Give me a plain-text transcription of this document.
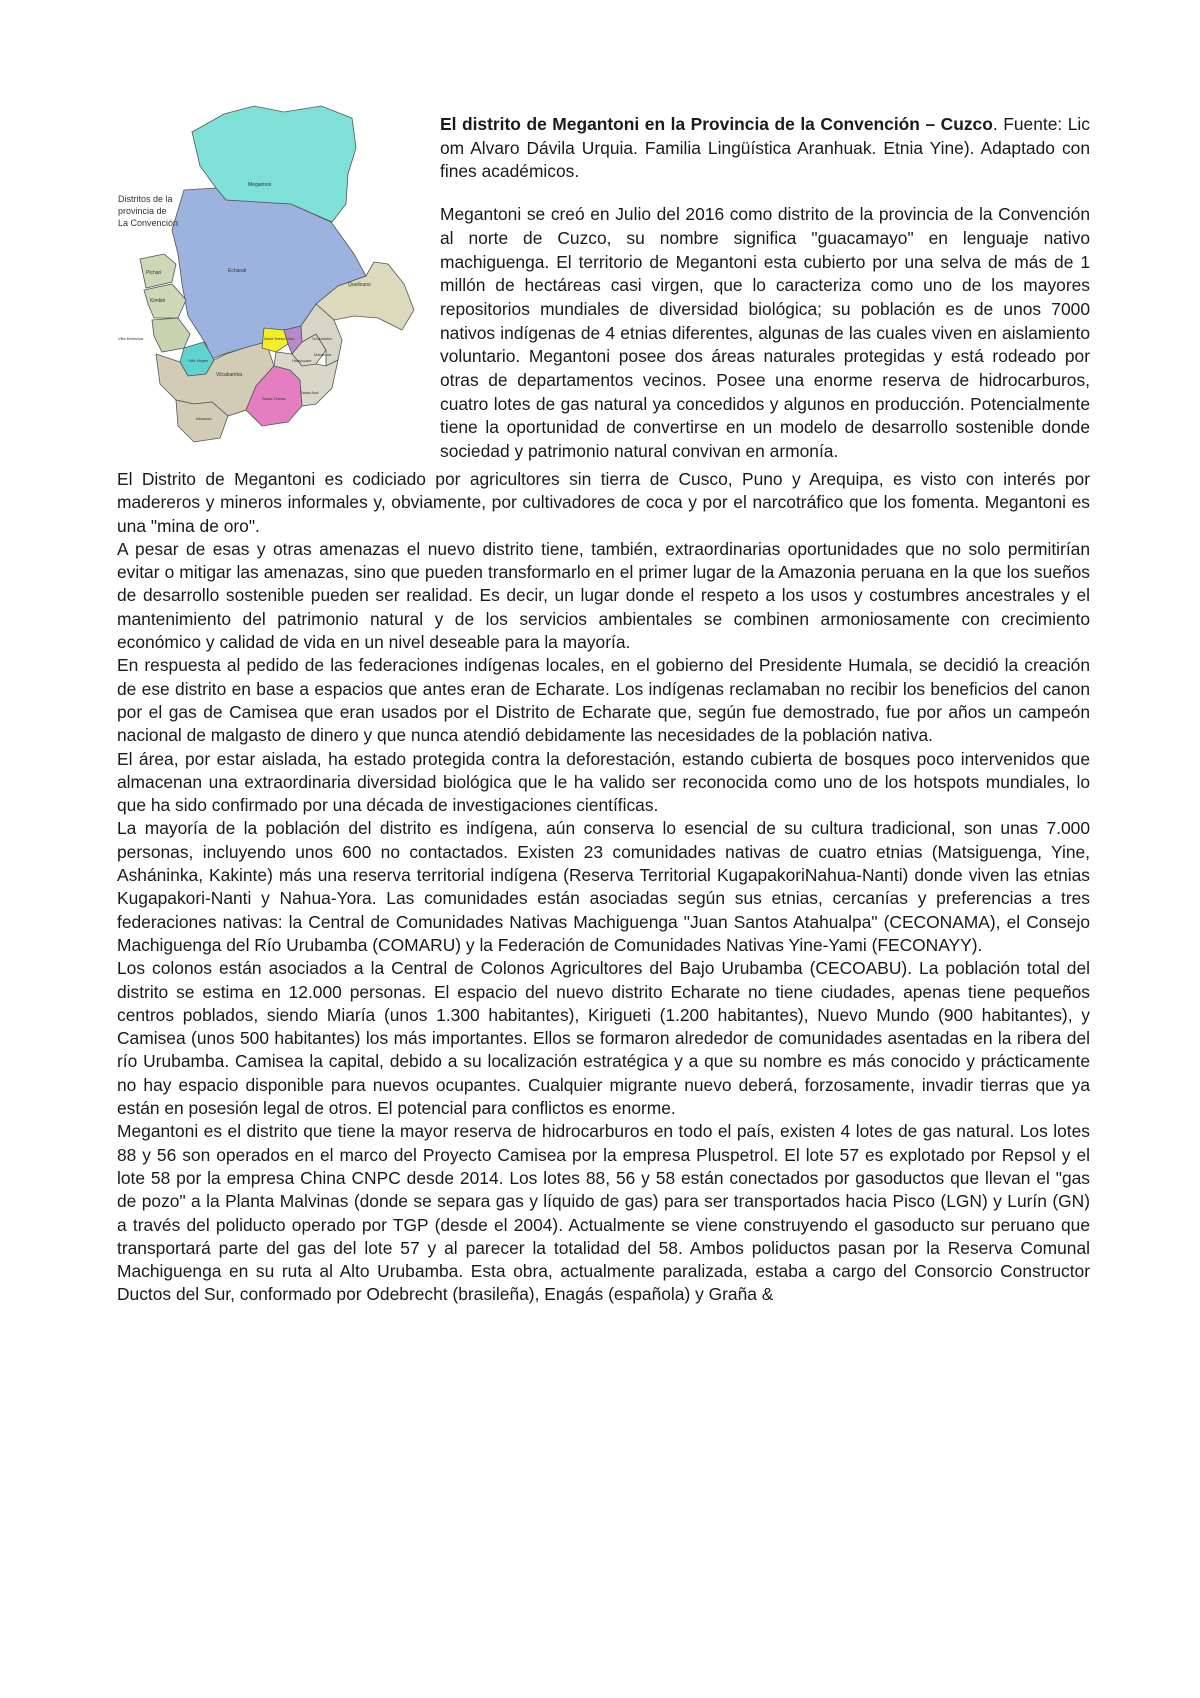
Distritos de la
provincia de
La Convención
Megantoni
Echarati
Quellouno
Pichari
Kimbiri
Ocobamba
Santa Teresa
Villa Virgen
Vilcabamba
Huayopata
Maranura
Santa Ana
Inkawasi
Villa Kintiarina	Santa Teresa Chico

El distrito de Megantoni en la Provincia de la Convención – Cuzco. Fuente: Lic om Alvaro Dávila Urquia. Familia Lingüística Aranhuak. Etnia Yine). Adaptado con fines académicos.

Megantoni se creó en Julio del 2016 como distrito de la provincia de la Convención al norte de Cuzco, su nombre significa "guacamayo" en lenguaje nativo machiguenga. El territorio de Megantoni esta cubierto por una selva de más de 1 millón de hectáreas casi virgen, que lo caracteriza como uno de los mayores repositorios mundiales de diversidad biológica; su población es de unos 7000 nativos indígenas de 4 etnias diferentes, algunas de las cuales viven en aislamiento voluntario. Megantoni posee dos áreas naturales protegidas y está rodeado por otras de departamentos vecinos. Posee una enorme reserva de hidrocarburos, cuatro lotes de gas natural ya concedidos y algunos en producción. Potencialmente tiene la oportunidad de convertirse en un modelo de desarrollo sostenible donde sociedad y patrimonio natural convivan en armonía.

El Distrito de Megantoni es codiciado por agricultores sin tierra de Cusco, Puno y Arequipa, es visto con interés por madereros y mineros informales y, obviamente, por cultivadores de coca y por el narcotráfico que los fomenta. Megantoni es una "mina de oro".

A pesar de esas y otras amenazas el nuevo distrito tiene, también, extraordinarias oportunidades que no solo permitirían evitar o mitigar las amenazas, sino que pueden transformarlo en el primer lugar de la Amazonia peruana en la que los sueños de desarrollo sostenible pueden ser realidad. Es decir, un lugar donde el respeto a los usos y costumbres ancestrales y el mantenimiento del patrimonio natural y de los servicios ambientales se combinen armoniosamente con crecimiento económico y calidad de vida en un nivel deseable para la mayoría.

En respuesta al pedido de las federaciones indígenas locales, en el gobierno del Presidente Humala, se decidió la creación de ese distrito en base a espacios que antes eran de Echarate. Los indígenas reclamaban no recibir los beneficios del canon por el gas de Camisea que eran usados por el Distrito de Echarate que, según fue demostrado, fue por años un campeón nacional de malgasto de dinero y que nunca atendió debidamente las necesidades de la población nativa.

El área, por estar aislada, ha estado protegida contra la deforestación, estando cubierta de bosques poco intervenidos que almacenan una extraordinaria diversidad biológica que le ha valido ser reconocida como uno de los hotspots mundiales, lo que ha sido confirmado por una década de investigaciones científicas.

La mayoría de la población del distrito es indígena, aún conserva lo esencial de su cultura tradicional, son unas 7.000 personas, incluyendo unos 600 no contactados. Existen 23 comunidades nativas de cuatro etnias (Matsiguenga, Yine, Asháninka, Kakinte) más una reserva territorial indígena (Reserva Territorial KugapakoriNahua-Nanti) donde viven las etnias Kugapakori-Nanti y Nahua-Yora. Las comunidades están asociadas según sus etnias, cercanías y preferencias a tres federaciones nativas: la Central de Comunidades Nativas Machiguenga "Juan Santos Atahualpa" (CECONAMA), el Consejo Machiguenga del Río Urubamba (COMARU) y la Federación de Comunidades Nativas Yine-Yami (FECONAYY).

Los colonos están asociados a la Central de Colonos Agricultores del Bajo Urubamba (CECOABU). La población total del distrito se estima en 12.000 personas. El espacio del nuevo distrito Echarate no tiene ciudades, apenas tiene pequeños centros poblados, siendo Miaría (unos 1.300 habitantes), Kirigueti (1.200 habitantes), Nuevo Mundo (900 habitantes), y Camisea (unos 500 habitantes) los más importantes. Ellos se formaron alrededor de comunidades asentadas en la ribera del río Urubamba. Camisea la capital, debido a su localización estratégica y a que su nombre es más conocido y prácticamente no hay espacio disponible para nuevos ocupantes. Cualquier migrante nuevo deberá, forzosamente, invadir tierras que ya están en posesión legal de otros. El potencial para conflictos es enorme.

Megantoni es el distrito que tiene la mayor reserva de hidrocarburos en todo el país, existen 4 lotes de gas natural. Los lotes 88 y 56 son operados en el marco del Proyecto Camisea por la empresa Pluspetrol. El lote 57 es explotado por Repsol y el lote 58 por la empresa China CNPC desde 2014. Los lotes 88, 56 y 58 están conectados por gasoductos que llevan el "gas de pozo" a la Planta Malvinas (donde se separa gas y líquido de gas) para ser transportados hacia Pisco (LGN) y Lurín (GN) a través del poliducto operado por TGP (desde el 2004). Actualmente se viene construyendo el gasoducto sur peruano que transportará parte del gas del lote 57 y al parecer la totalidad del 58. Ambos poliductos pasan por la Reserva Comunal Machiguenga en su ruta al Alto Urubamba. Esta obra, actualmente paralizada, estaba a cargo del Consorcio Constructor Ductos del Sur, conformado por Odebrecht (brasileña), Enagás (española) y Graña &
